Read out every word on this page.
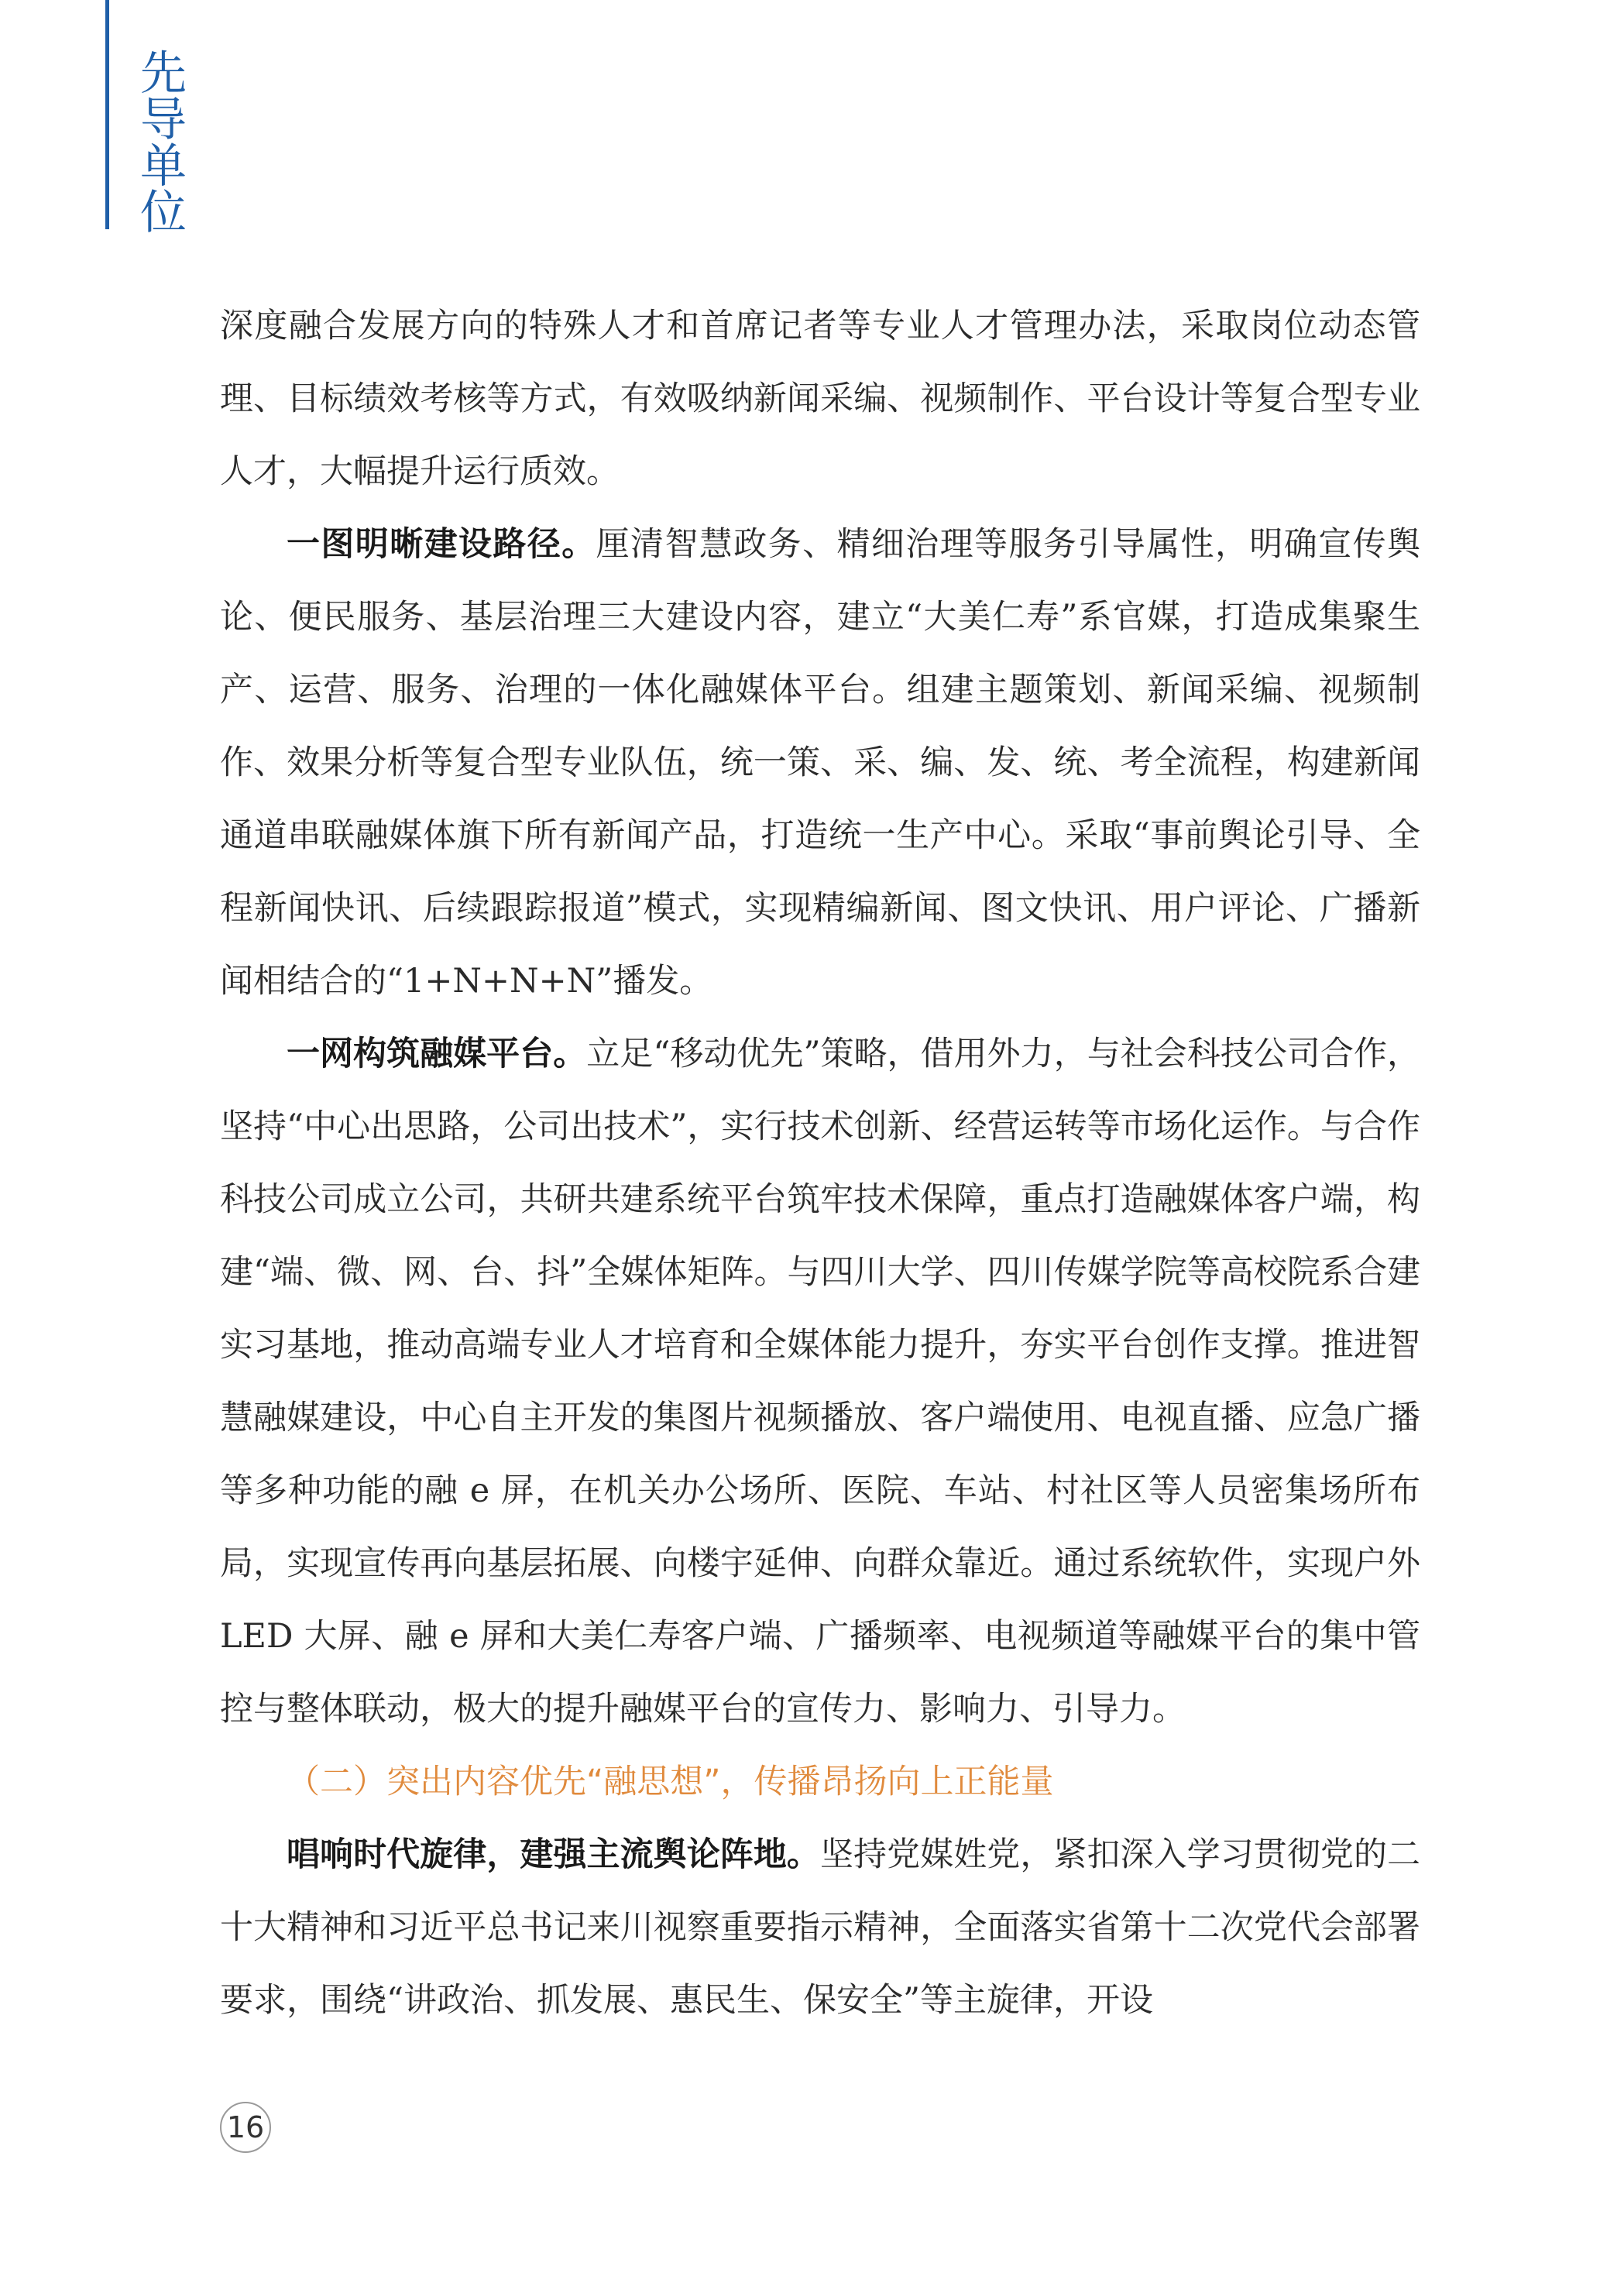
先导单位

深度融合发展方向的特殊人才和首席记者等专业人才管理办法，采取岗位动态管理、目标绩效考核等方式，有效吸纳新闻采编、视频制作、平台设计等复合型专业人才，大幅提升运行质效。

一图明晰建设路径。厘清智慧政务、精细治理等服务引导属性，明确宣传舆论、便民服务、基层治理三大建设内容，建立“大美仁寿”系官媒，打造成集聚生产、运营、服务、治理的一体化融媒体平台。组建主题策划、新闻采编、视频制作、效果分析等复合型专业队伍，统一策、采、编、发、统、考全流程，构建新闻通道串联融媒体旗下所有新闻产品，打造统一生产中心。采取“事前舆论引导、全程新闻快讯、后续跟踪报道”模式，实现精编新闻、图文快讯、用户评论、广播新闻相结合的“1+N+N+N”播发。

一网构筑融媒平台。立足“移动优先”策略，借用外力，与社会科技公司合作，坚持“中心出思路，公司出技术”，实行技术创新、经营运转等市场化运作。与合作科技公司成立公司，共研共建系统平台筑牢技术保障，重点打造融媒体客户端，构建“端、微、网、台、抖”全媒体矩阵。与四川大学、四川传媒学院等高校院系合建实习基地，推动高端专业人才培育和全媒体能力提升，夯实平台创作支撑。推进智慧融媒建设，中心自主开发的集图片视频播放、客户端使用、电视直播、应急广播等多种功能的融 e 屏，在机关办公场所、医院、车站、村社区等人员密集场所布局，实现宣传再向基层拓展、向楼宇延伸、向群众靠近。通过系统软件，实现户外 LED 大屏、融 e 屏和大美仁寿客户端、广播频率、电视频道等融媒平台的集中管控与整体联动，极大的提升融媒平台的宣传力、影响力、引导力。

（二）突出内容优先“融思想”，传播昂扬向上正能量

唱响时代旋律，建强主流舆论阵地。坚持党媒姓党，紧扣深入学习贯彻党的二十大精神和习近平总书记来川视察重要指示精神，全面落实省第十二次党代会部署要求，围绕“讲政治、抓发展、惠民生、保安全”等主旋律，开设

16
